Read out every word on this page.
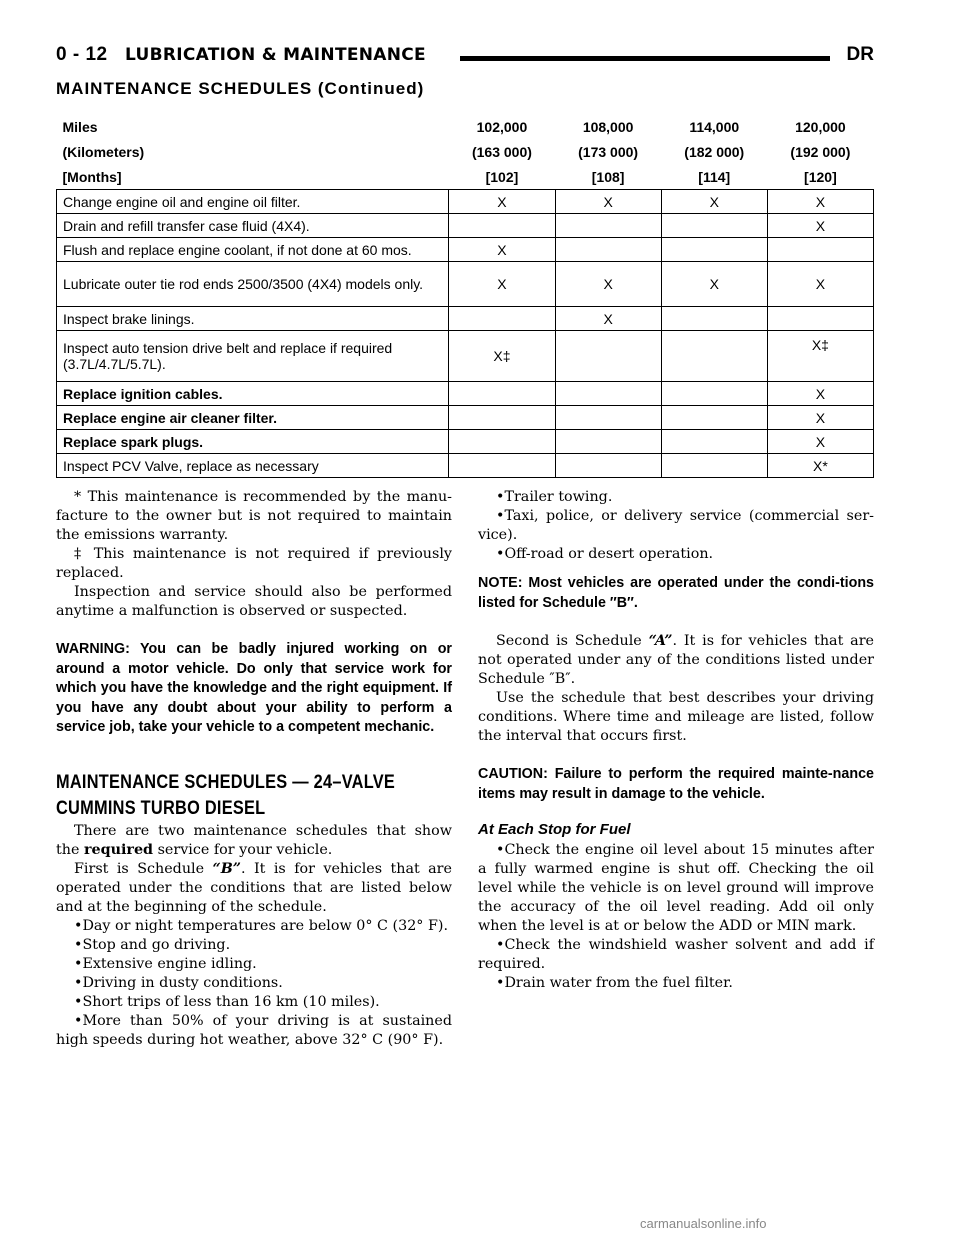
0 - 12 LUBRICATION & MAINTENANCE	DR
MAINTENANCE SCHEDULES (Continued)
Miles	102,000	108,000	114,000	120,000
(Kilometers)	(163 000)	(173 000)	(182 000)	(192 000)
[Months]	[102]	[108]	[114]	[120]
Change engine oil and engine oil filter.	X	X	X	X
Drain and refill transfer case fluid (4X4).				X
Flush and replace engine coolant, if not done at 60 mos.	X			
Lubricate outer tie rod ends 2500/3500 (4X4) models only.	X	X	X	X
Inspect brake linings.		X		
Inspect auto tension drive belt and replace if required (3.7L/4.7L/5.7L).	X‡			X‡
Replace ignition cables.				X
Replace engine air cleaner filter.				X
Replace spark plugs.				X
Inspect PCV Valve, replace as necessary				X*

* This maintenance is recommended by the manu-facture to the owner but is not required to maintain the emissions warranty.

‡ This maintenance is not required if previously replaced.

Inspection and service should also be performed anytime a malfunction is observed or suspected.

WARNING: You can be badly injured working on or around a motor vehicle. Do only that service work for which you have the knowledge and the right equipment. If you have any doubt about your ability to perform a service job, take your vehicle to a competent mechanic.

MAINTENANCE SCHEDULES — 24–VALVE
CUMMINS TURBO DIESEL

There are two maintenance schedules that show the required service for your vehicle.

First is Schedule “B”. It is for vehicles that are operated under the conditions that are listed below and at the beginning of the schedule.

•Day or night temperatures are below 0° C (32° F).

•Stop and go driving.

•Extensive engine idling.

•Driving in dusty conditions.

•Short trips of less than 16 km (10 miles).

•More than 50% of your driving is at sustained high speeds during hot weather, above 32° C (90° F).

•Trailer towing.

•Taxi, police, or delivery service (commercial ser-vice).

•Off-road or desert operation.

NOTE: Most vehicles are operated under the condi-tions listed for Schedule ″B″.

Second is Schedule “A”. It is for vehicles that are not operated under any of the conditions listed under Schedule ″B″.

Use the schedule that best describes your driving conditions. Where time and mileage are listed, follow the interval that occurs first.

CAUTION: Failure to perform the required mainte-nance items may result in damage to the vehicle.

At Each Stop for Fuel

•Check the engine oil level about 15 minutes after a fully warmed engine is shut off. Checking the oil level while the vehicle is on level ground will improve the accuracy of the oil level reading. Add oil only when the level is at or below the ADD or MIN mark.

•Check the windshield washer solvent and add if required.

•Drain water from the fuel filter.

carmanualsonline.info
